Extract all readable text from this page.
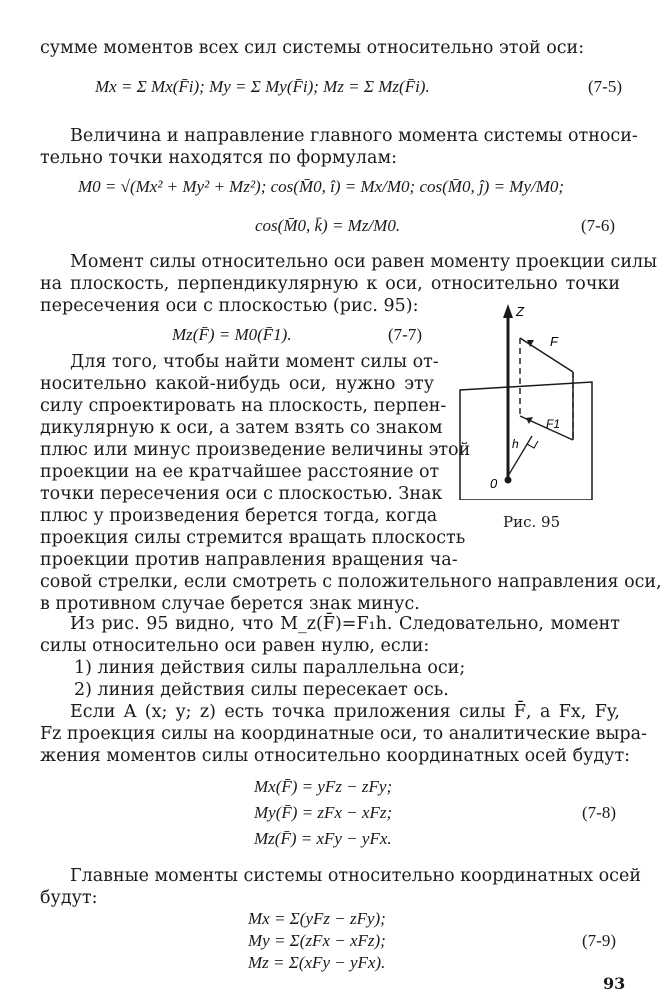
сумме моментов всех сил системы относительно этой оси:
Mx = Σ Mx(F̄i); My = Σ My(F̄i); Mz = Σ Mz(F̄i).	(7-5)
Величина и направление главного момента системы относи-
тельно точки находятся по формулам:
M0 = √(Mx² + My² + Mz²); cos(M̄0, î) = Mx/M0; cos(M̄0, ĵ) = My/M0;
cos(M̄0, k̄) = Mz/M0.	(7-6)
Момент силы относительно оси равен моменту проекции силы
на плоскость, перпендикулярную к оси, относительно точки
пересечения оси с плоскостью (рис. 95):
Mz(F̄) = M0(F̄1).	(7-7)
Для того, чтобы найти момент силы от-
носительно какой-нибудь оси, нужно эту
силу спроектировать на плоскость, перпен-
дикулярную к оси, а затем взять со знаком
плюс или минус произведение величины этой
проекции на ее кратчайшее расстояние от
точки пересечения оси с плоскостью. Знак
плюс у произведения берется тогда, когда
проекция силы стремится вращать плоскость
проекции против направления вращения ча-
совой стрелки, если смотреть с положительного направления оси,
в противном случае берется знак минус.
Z
F
F1
h
0
Рис. 95
Из рис. 95 видно, что M_z(F̄)=F₁h. Следовательно, момент
силы относительно оси равен нулю, если:
1) линия действия силы параллельна оси;
2) линия действия силы пересекает ось.
Если A (x; y; z) есть точка приложения силы F̄, а Fx, Fy,
Fz проекция силы на координатные оси, то аналитические выра-
жения моментов силы относительно координатных осей будут:
Mx(F̄) = yFz − zFy;
My(F̄) = zFx − xFz;
Mz(F̄) = xFy − yFx.
(7-8)
Главные моменты системы относительно координатных осей
будут:
Mx = Σ(yFz − zFy);
My = Σ(zFx − xFz);
Mz = Σ(xFy − yFx).
(7-9)
93
